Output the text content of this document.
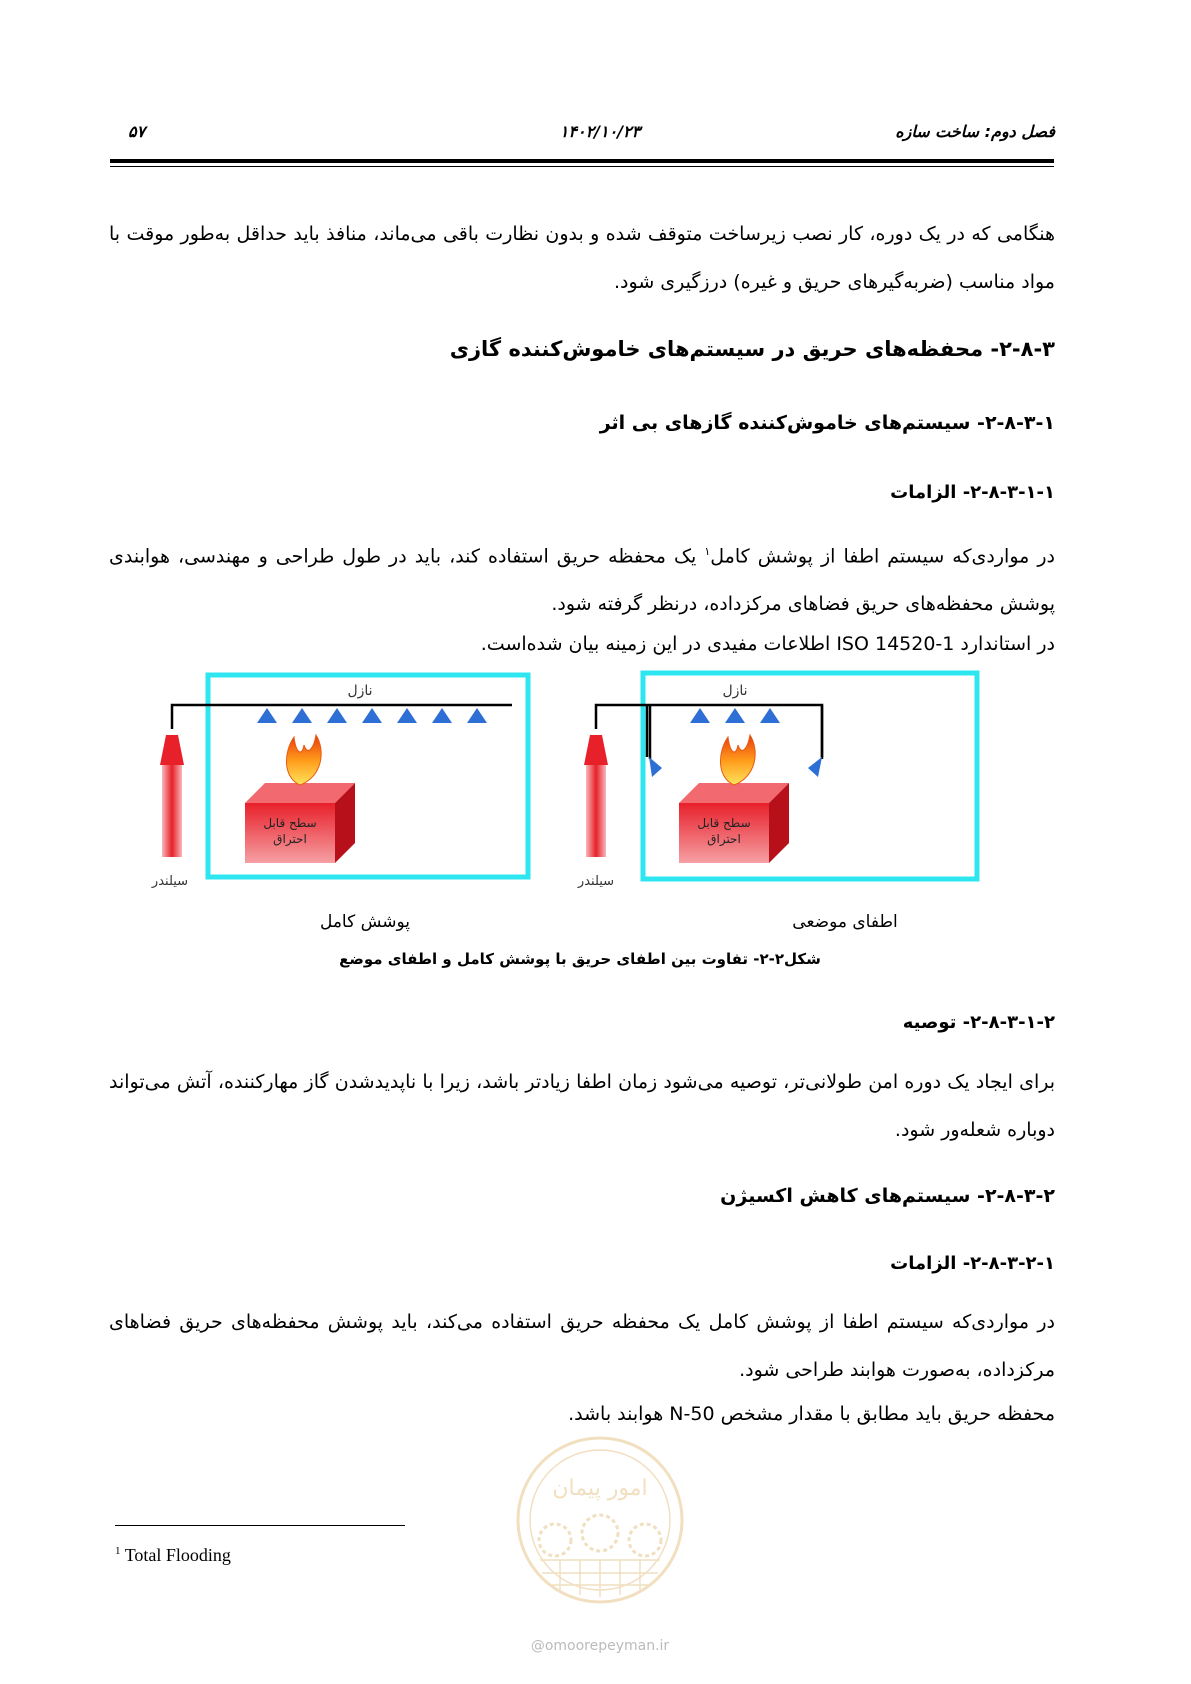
۵۷	۱۴۰۲/۱۰/۲۳	فصل دوم: ساخت سازه
هنگامی که در یک دوره، کار نصب زیرساخت متوقف شده و بدون نظارت باقی می‌ماند، منافذ باید حداقل به‌طور موقت با مواد مناسب (ضربه‌گیرهای حریق و غیره) درزگیری شود.
۲-۸-۳- محفظه‌های حریق در سیستم‌های خاموش‌کننده گازی
۲-۸-۳-۱- سیستم‌های خاموش‌کننده گازهای بی اثر
۲-۸-۳-۱-۱- الزامات
در مواردی‌که سیستم اطفا از پوشش کامل$^۱$ یک محفظه حریق استفاده کند، باید در طول طراحی و مهندسی، هوابندی پوشش محفظه‌های حریق فضاهای مرکزداده، درنظر گرفته شود.
در استاندارد ISO 14520-1 اطلاعات مفیدی در این زمینه بیان شده‌است.
نازل
سیلندر
سطح قابل
احتراق
نازل
سیلندر
سطح قابل
احتراق
پوشش کامل	اطفای موضعی
شکل۲-۲- تفاوت بین اطفای حریق با پوشش کامل و اطفای موضع
۲-۸-۳-۱-۲- توصیه
برای ایجاد یک دوره امن طولانی‌تر، توصیه می‌شود زمان اطفا زیادتر باشد، زیرا با ناپدیدشدن گاز مهارکننده، آتش می‌تواند دوباره شعله‌ور شود.
۲-۸-۳-۲- سیستم‌های کاهش اکسیژن
۲-۸-۳-۲-۱- الزامات
در مواردی‌که سیستم اطفا از پوشش کامل یک محفظه حریق استفاده می‌کند، باید پوشش محفظه‌های حریق فضاهای مرکزداده، به‌صورت هوابند طراحی شود.
محفظه حریق باید مطابق با مقدار مشخص N-50 هوابند باشد.
امور پیمان
@omoorepeyman.ir
$^1$ Total Flooding
